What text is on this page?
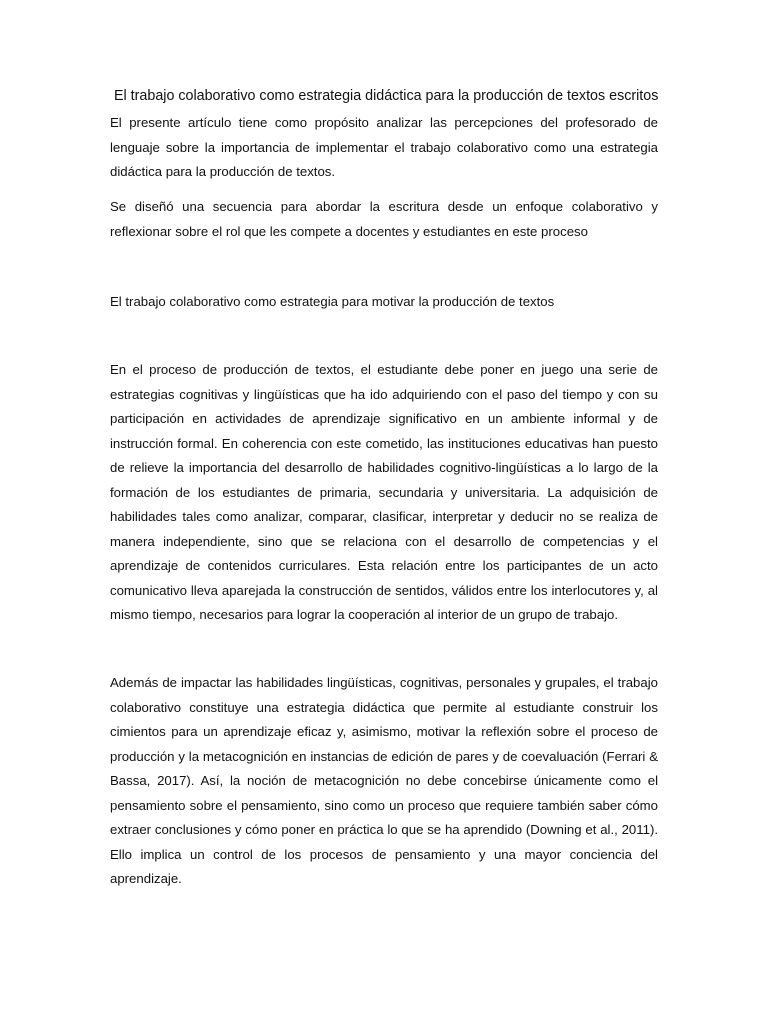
El trabajo colaborativo como estrategia didáctica para la producción de textos escritos

El presente artículo tiene como propósito analizar las percepciones del profesorado de lenguaje sobre la importancia de implementar el trabajo colaborativo como una estrategia didáctica para la producción de textos.

Se diseñó una secuencia para abordar la escritura desde un enfoque colaborativo y reflexionar sobre el rol que les compete a docentes y estudiantes en este proceso

El trabajo colaborativo como estrategia para motivar la producción de textos

En el proceso de producción de textos, el estudiante debe poner en juego una serie de estrategias cognitivas y lingüísticas que ha ido adquiriendo con el paso del tiempo y con su participación en actividades de aprendizaje significativo en un ambiente informal y de instrucción formal. En coherencia con este cometido, las instituciones educativas han puesto de relieve la importancia del desarrollo de habilidades cognitivo-lingüísticas a lo largo de la formación de los estudiantes de primaria, secundaria y universitaria. La adquisición de habilidades tales como analizar, comparar, clasificar, interpretar y deducir no se realiza de manera independiente, sino que se relaciona con el desarrollo de competencias y el aprendizaje de contenidos curriculares. Esta relación entre los participantes de un acto comunicativo lleva aparejada la construcción de sentidos, válidos entre los interlocutores y, al mismo tiempo, necesarios para lograr la cooperación al interior de un grupo de trabajo.

Además de impactar las habilidades lingüísticas, cognitivas, personales y grupales, el trabajo colaborativo constituye una estrategia didáctica que permite al estudiante construir los cimientos para un aprendizaje eficaz y, asimismo, motivar la reflexión sobre el proceso de producción y la metacognición en instancias de edición de pares y de coevaluación (Ferrari & Bassa, 2017). Así, la noción de metacognición no debe concebirse únicamente como el pensamiento sobre el pensamiento, sino como un proceso que requiere también saber cómo extraer conclusiones y cómo poner en práctica lo que se ha aprendido (Downing et al., 2011). Ello implica un control de los procesos de pensamiento y una mayor conciencia del aprendizaje.
